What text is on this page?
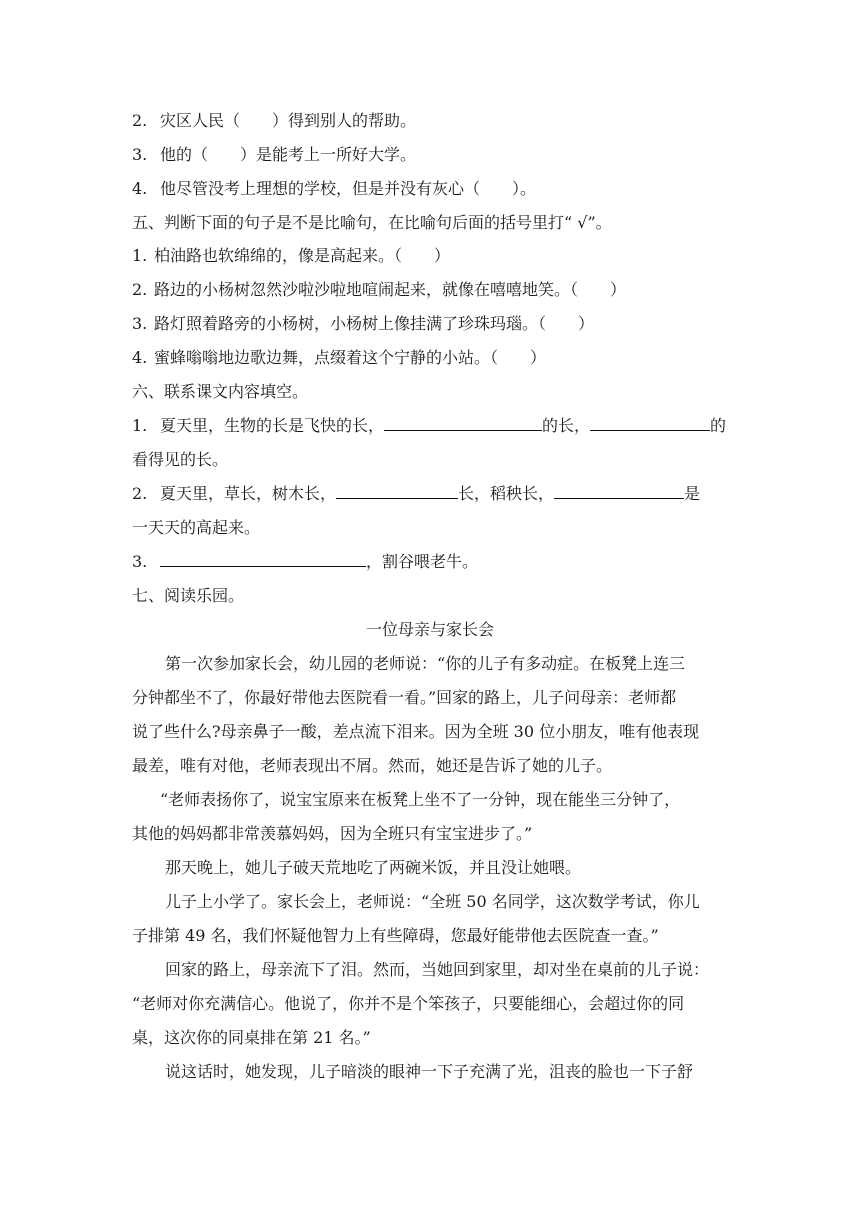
2. 灾区人民（　　）得到别人的帮助。
3. 他的（　　）是能考上一所好大学。
4. 他尽管没考上理想的学校，但是并没有灰心（　　）。
五、判断下面的句子是不是比喻句，在比喻句后面的括号里打“ √”。
1. 柏油路也软绵绵的，像是高起来。（　　）
2. 路边的小杨树忽然沙啦沙啦地喧闹起来，就像在嘻嘻地笑。（　　）
3. 路灯照着路旁的小杨树，小杨树上像挂满了珍珠玛瑙。（　　）
4. 蜜蜂嗡嗡地边歌边舞，点缀着这个宁静的小站。（　　）
六、联系课文内容填空。
1. 夏天里，生物的长是飞快的长，	的长，	的
看得见的长。
2. 夏天里，草长，树木长，	长，稻秧长，	是
一天天的高起来。
3.	，割谷喂老牛。
七、阅读乐园。
一位母亲与家长会
第一次参加家长会，幼儿园的老师说：“你的儿子有多动症。在板凳上连三
分钟都坐不了，你最好带他去医院看一看。”回家的路上，儿子问母亲：老师都
说了些什么?母亲鼻子一酸，差点流下泪来。因为全班 30 位小朋友，唯有他表现
最差，唯有对他，老师表现出不屑。然而，她还是告诉了她的儿子。
“老师表扬你了，说宝宝原来在板凳上坐不了一分钟，现在能坐三分钟了，
其他的妈妈都非常羡慕妈妈，因为全班只有宝宝进步了。”
那天晚上，她儿子破天荒地吃了两碗米饭，并且没让她喂。
儿子上小学了。家长会上，老师说：“全班 50 名同学，这次数学考试，你儿
子排第 49 名，我们怀疑他智力上有些障碍，您最好能带他去医院查一查。”
回家的路上，母亲流下了泪。然而，当她回到家里，却对坐在桌前的儿子说：
“老师对你充满信心。他说了，你并不是个笨孩子，只要能细心，会超过你的同
桌，这次你的同桌排在第 21 名。”
说这话时，她发现，儿子暗淡的眼神一下子充满了光，沮丧的脸也一下子舒
